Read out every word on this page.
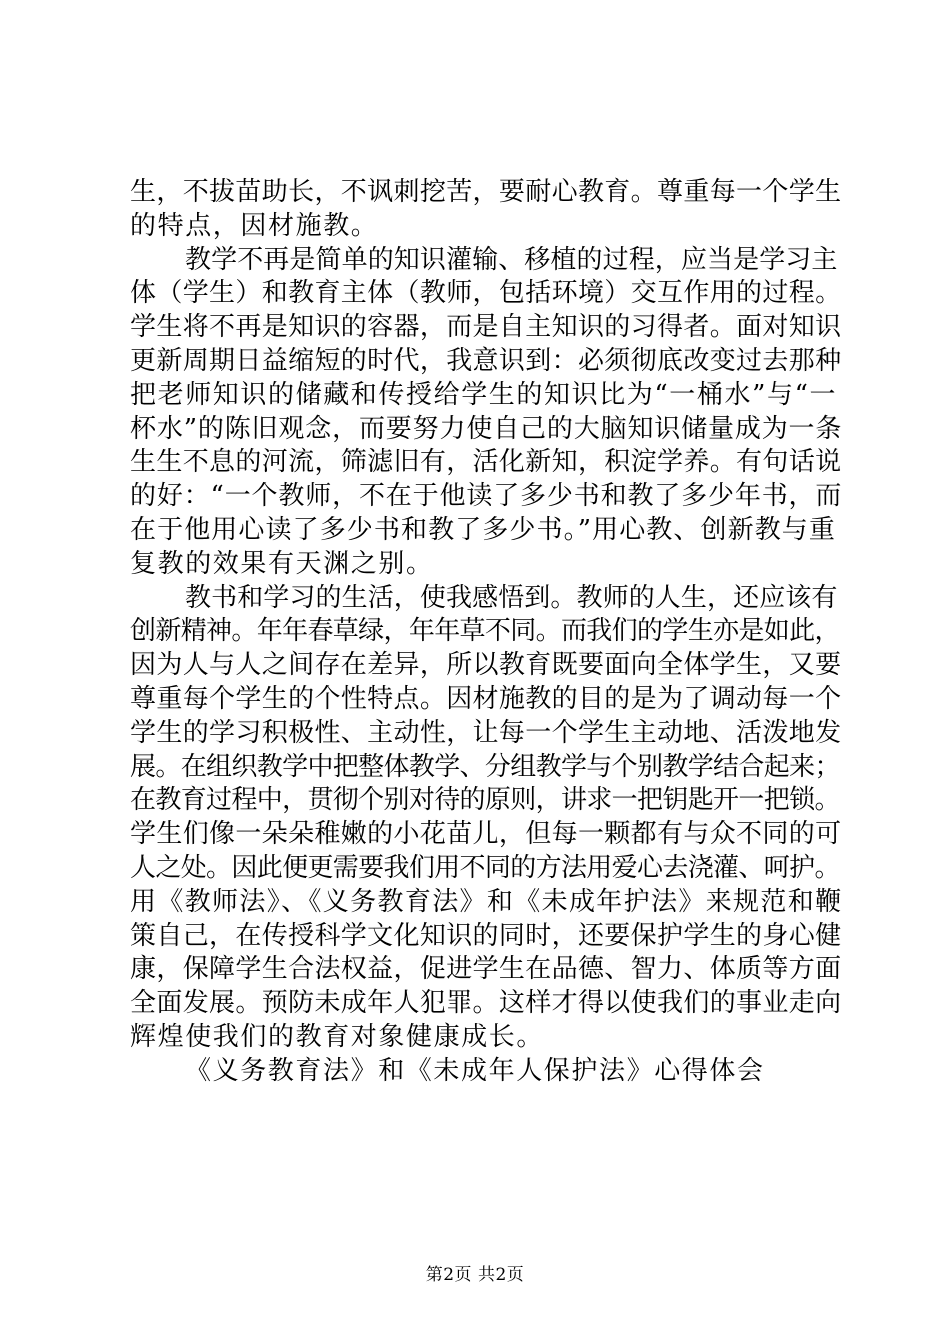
生，不拔苗助长，不讽刺挖苦，要耐心教育。尊重每一个学生
的特点，因材施教。
教学不再是简单的知识灌输、移植的过程，应当是学习主
体（学生）和教育主体（教师，包括环境）交互作用的过程。
学生将不再是知识的容器，而是自主知识的习得者。面对知识
更新周期日益缩短的时代，我意识到：必须彻底改变过去那种
把老师知识的储藏和传授给学生的知识比为“一桶水”与“一
杯水”的陈旧观念，而要努力使自己的大脑知识储量成为一条
生生不息的河流，筛滤旧有，活化新知，积淀学养。有句话说
的好：“一个教师，不在于他读了多少书和教了多少年书，而
在于他用心读了多少书和教了多少书。”用心教、创新教与重
复教的效果有天渊之别。
教书和学习的生活，使我感悟到。教师的人生，还应该有
创新精神。年年春草绿，年年草不同。而我们的学生亦是如此，
因为人与人之间存在差异，所以教育既要面向全体学生，又要
尊重每个学生的个性特点。因材施教的目的是为了调动每一个
学生的学习积极性、主动性，让每一个学生主动地、活泼地发
展。在组织教学中把整体教学、分组教学与个别教学结合起来；
在教育过程中，贯彻个别对待的原则，讲求一把钥匙开一把锁。
学生们像一朵朵稚嫩的小花苗儿，但每一颗都有与众不同的可
人之处。因此便更需要我们用不同的方法用爱心去浇灌、呵护。
用《教师法》、《义务教育法》和《未成年护法》来规范和鞭
策自己，在传授科学文化知识的同时，还要保护学生的身心健
康，保障学生合法权益，促进学生在品德、智力、体质等方面
全面发展。预防未成年人犯罪。这样才得以使我们的事业走向
辉煌使我们的教育对象健康成长。
《义务教育法》和《未成年人保护法》心得体会
第2页 共2页
